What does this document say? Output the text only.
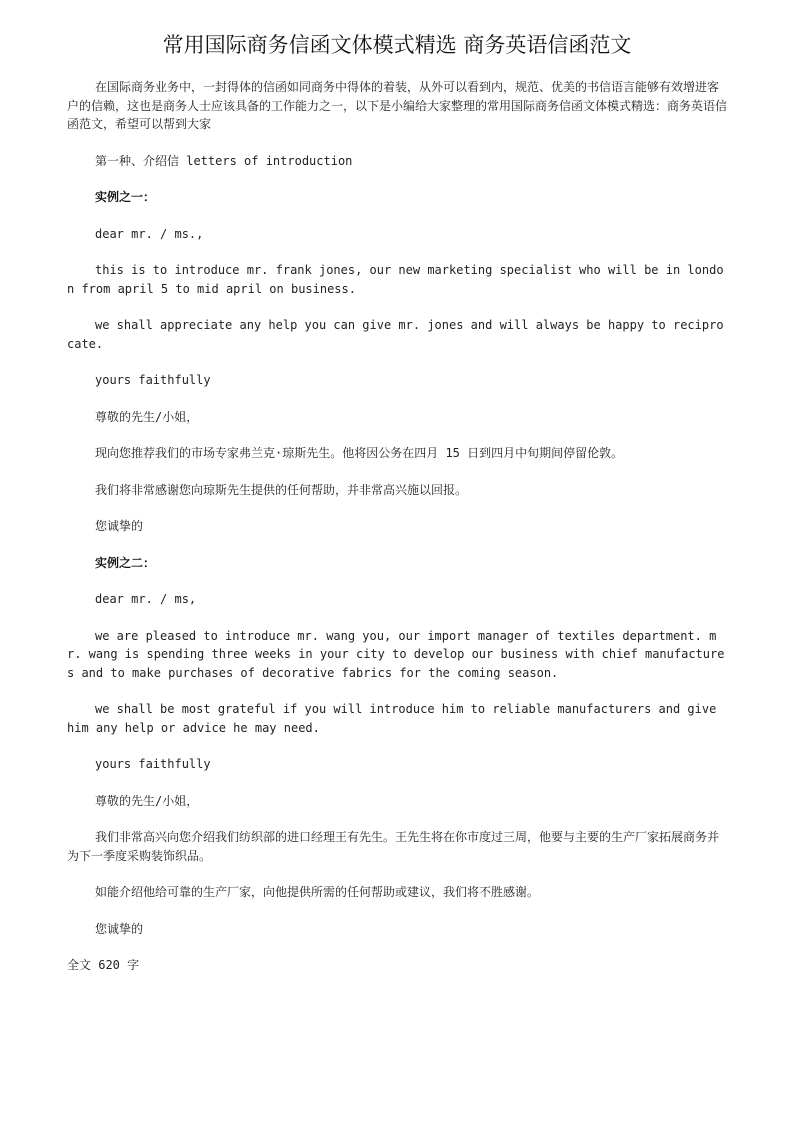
常用国际商务信函文体模式精选 商务英语信函范文

在国际商务业务中，一封得体的信函如同商务中得体的着装，从外可以看到内，规范、优美的书信语言能够有效增进客户的信赖，这也是商务人士应该具备的工作能力之一，以下是小编给大家整理的常用国际商务信函文体模式精选：商务英语信函范文，希望可以帮到大家

第一种、介绍信 letters of introduction

实例之一：

dear mr. / ms.,

this is to introduce mr. frank jones, our new marketing specialist who will be in london from april 5 to mid april on business.

we shall appreciate any help you can give mr. jones and will always be happy to reciprocate.

yours faithfully

尊敬的先生/小姐，

现向您推荐我们的市场专家弗兰克·琼斯先生。他将因公务在四月 15 日到四月中旬期间停留伦敦。

我们将非常感谢您向琼斯先生提供的任何帮助，并非常高兴施以回报。

您诚挚的

实例之二：

dear mr. / ms,

we are pleased to introduce mr. wang you, our import manager of textiles department. mr. wang is spending three weeks in your city to develop our business with chief manufactures and to make purchases of decorative fabrics for the coming season.

we shall be most grateful if you will introduce him to reliable manufacturers and give him any help or advice he may need.

yours faithfully

尊敬的先生/小姐，

我们非常高兴向您介绍我们纺织部的进口经理王有先生。王先生将在你市度过三周，他要与主要的生产厂家拓展商务并为下一季度采购装饰织品。

如能介绍他给可靠的生产厂家，向他提供所需的任何帮助或建议，我们将不胜感谢。

您诚挚的

全文 620 字
